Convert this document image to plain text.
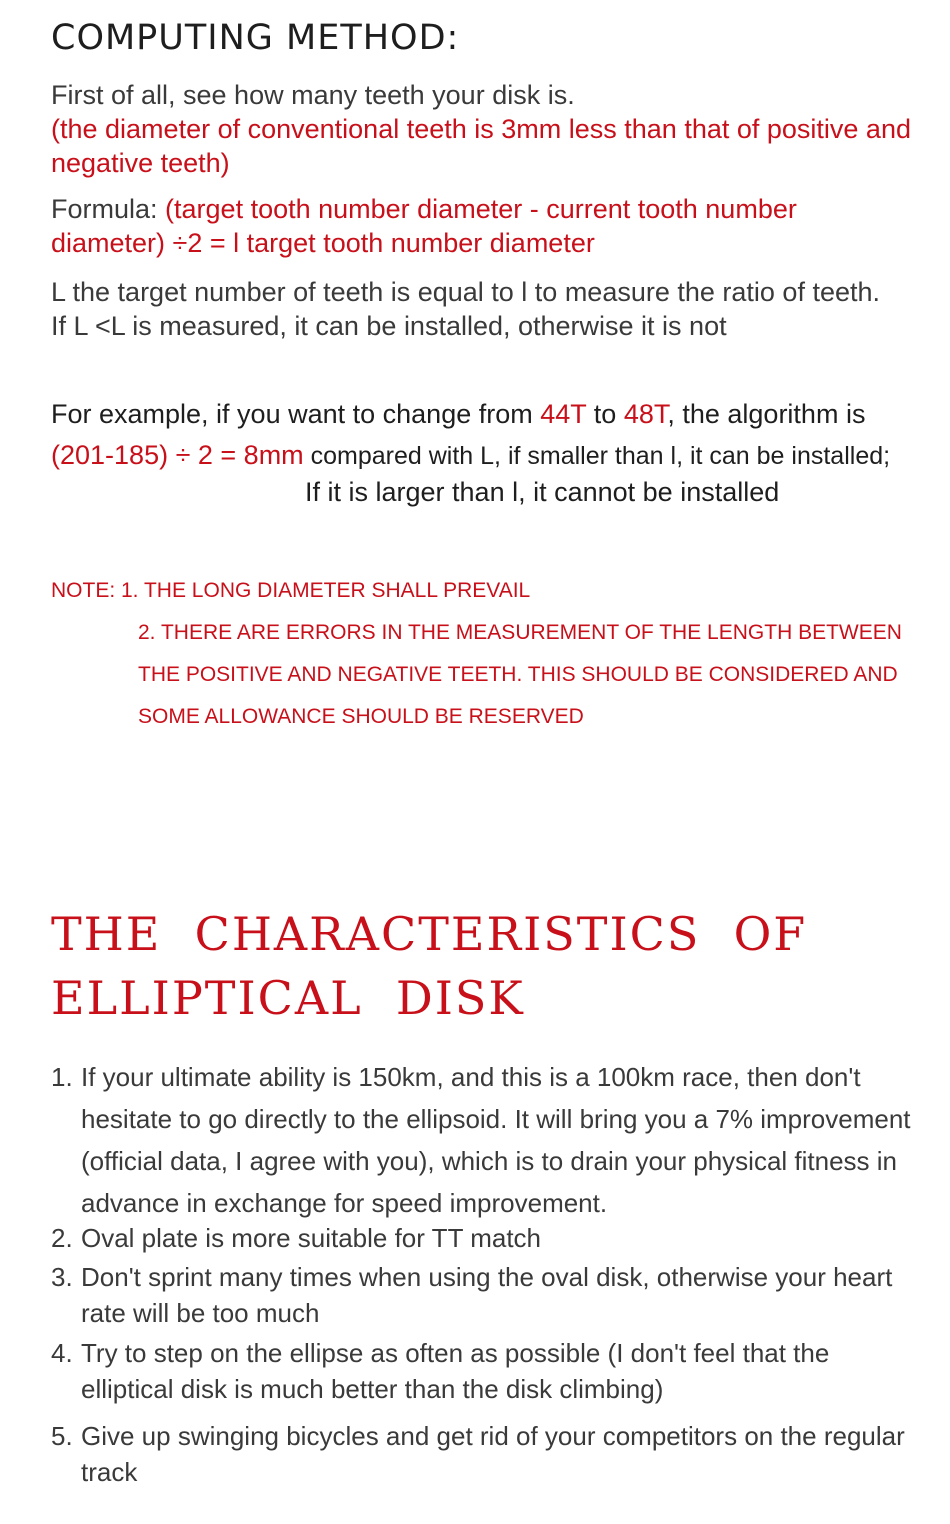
COMPUTING METHOD:
First of all, see how many teeth your disk is.
(the diameter of conventional teeth is 3mm less than that of positive and negative teeth)
Formula: (target tooth number diameter - current tooth number diameter) ÷2 = l target tooth number diameter
L the target number of teeth is equal to l to measure the ratio of teeth.
If L <L is measured, it can be installed, otherwise it is not
For example, if you want to change from 44T to 48T, the algorithm is
(201-185) ÷ 2 = 8mm compared with L, if smaller than l, it can be installed;
If it is larger than l, it cannot be installed
NOTE: 1. THE LONG DIAMETER SHALL PREVAIL
2. THERE ARE ERRORS IN THE MEASUREMENT OF THE LENGTH BETWEEN
THE POSITIVE AND NEGATIVE TEETH. THIS SHOULD BE CONSIDERED AND
SOME ALLOWANCE SHOULD BE RESERVED
THE  CHARACTERISTICS  OF
ELLIPTICAL  DISK
1. If your ultimate ability is 150km, and this is a 100km race, then don't hesitate to go directly to the ellipsoid. It will bring you a 7% improvement (official data, I agree with you), which is to drain your physical fitness in advance in exchange for speed improvement.
2. Oval plate is more suitable for TT match
3. Don't sprint many times when using the oval disk, otherwise your heart rate will be too much
4. Try to step on the ellipse as often as possible (I don't feel that the elliptical disk is much better than the disk climbing)
5. Give up swinging bicycles and get rid of your competitors on the regular track
